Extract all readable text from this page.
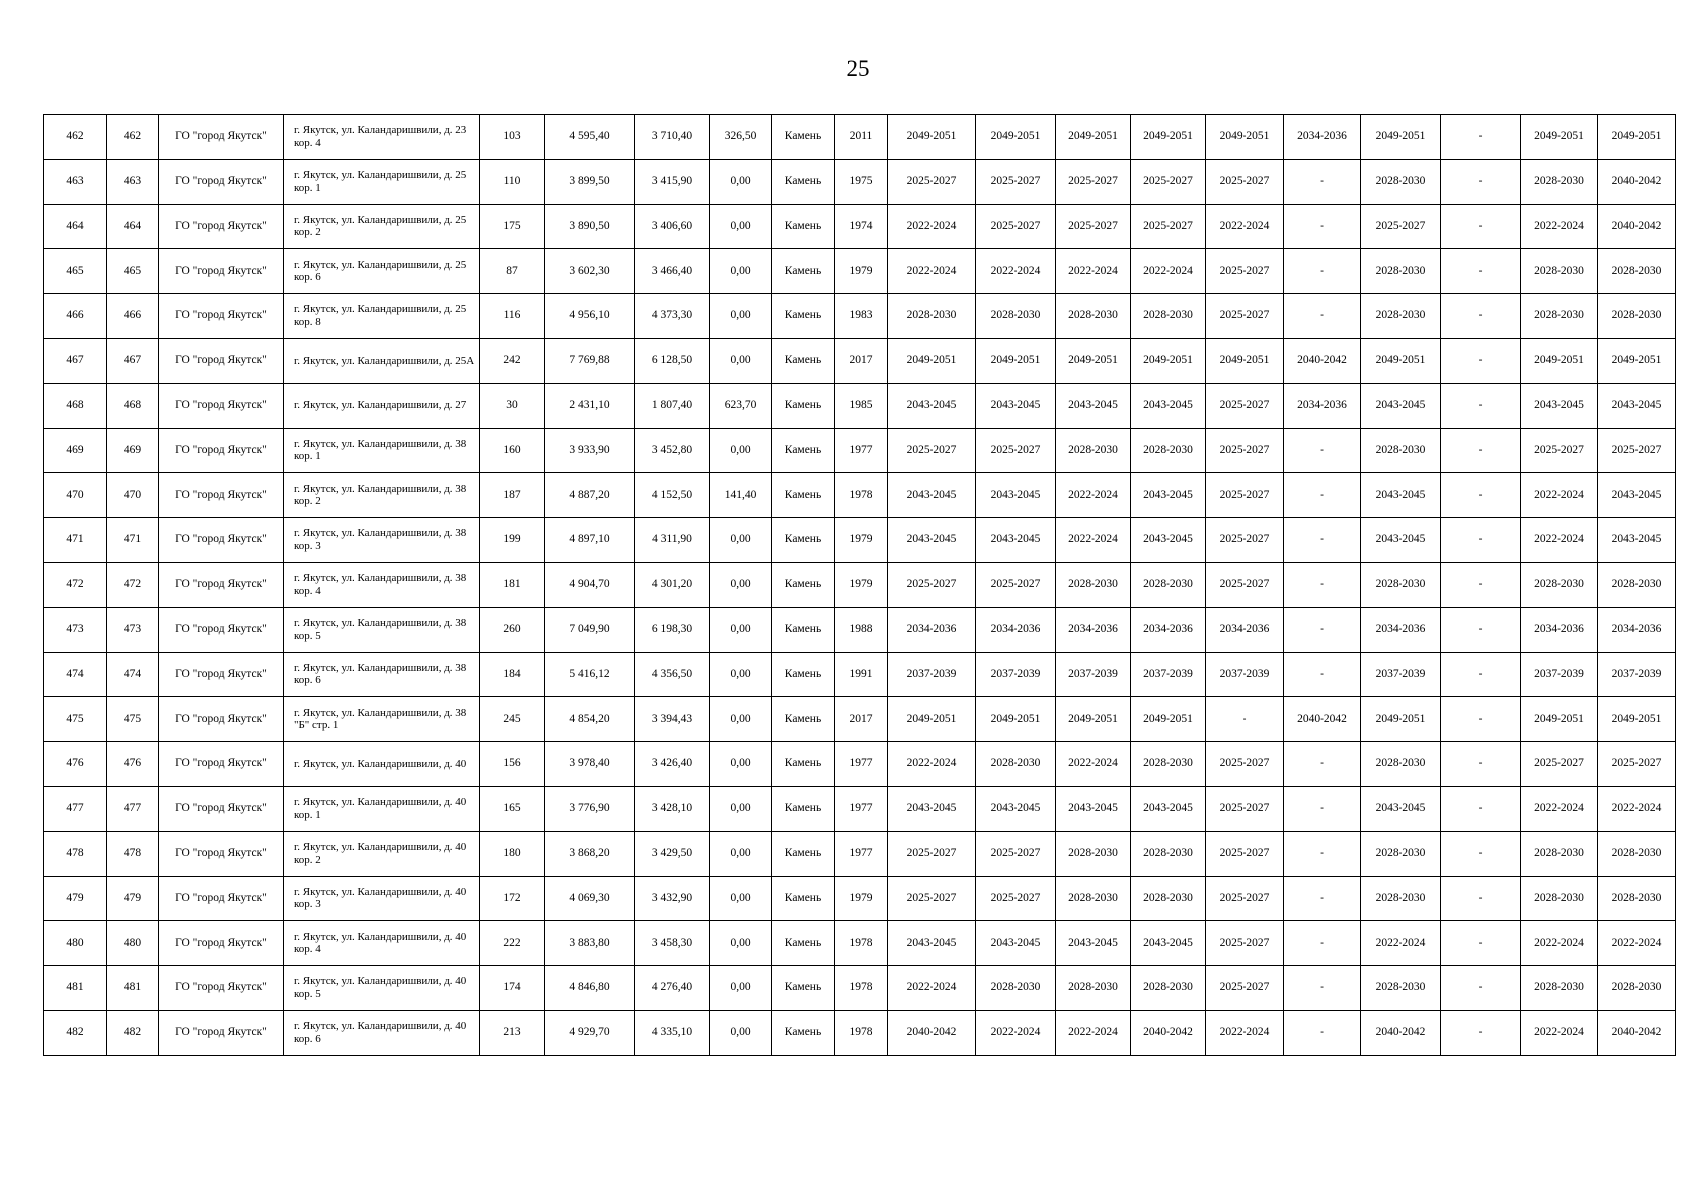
25
462	462	ГО "город Якутск"	г. Якутск, ул. Каландаришвили, д. 23 кор. 4	103	4 595,40	3 710,40	326,50	Камень	2011	2049-2051	2049-2051	2049-2051	2049-2051	2049-2051	2034-2036	2049-2051	-	2049-2051	2049-2051
463	463	ГО "город Якутск"	г. Якутск, ул. Каландаришвили, д. 25 кор. 1	110	3 899,50	3 415,90	0,00	Камень	1975	2025-2027	2025-2027	2025-2027	2025-2027	2025-2027	-	2028-2030	-	2028-2030	2040-2042
464	464	ГО "город Якутск"	г. Якутск, ул. Каландаришвили, д. 25 кор. 2	175	3 890,50	3 406,60	0,00	Камень	1974	2022-2024	2025-2027	2025-2027	2025-2027	2022-2024	-	2025-2027	-	2022-2024	2040-2042
465	465	ГО "город Якутск"	г. Якутск, ул. Каландаришвили, д. 25 кор. 6	87	3 602,30	3 466,40	0,00	Камень	1979	2022-2024	2022-2024	2022-2024	2022-2024	2025-2027	-	2028-2030	-	2028-2030	2028-2030
466	466	ГО "город Якутск"	г. Якутск, ул. Каландаришвили, д. 25 кор. 8	116	4 956,10	4 373,30	0,00	Камень	1983	2028-2030	2028-2030	2028-2030	2028-2030	2025-2027	-	2028-2030	-	2028-2030	2028-2030
467	467	ГО "город Якутск"	г. Якутск, ул. Каландаришвили, д. 25А	242	7 769,88	6 128,50	0,00	Камень	2017	2049-2051	2049-2051	2049-2051	2049-2051	2049-2051	2040-2042	2049-2051	-	2049-2051	2049-2051
468	468	ГО "город Якутск"	г. Якутск, ул. Каландаришвили, д. 27	30	2 431,10	1 807,40	623,70	Камень	1985	2043-2045	2043-2045	2043-2045	2043-2045	2025-2027	2034-2036	2043-2045	-	2043-2045	2043-2045
469	469	ГО "город Якутск"	г. Якутск, ул. Каландаришвили, д. 38 кор. 1	160	3 933,90	3 452,80	0,00	Камень	1977	2025-2027	2025-2027	2028-2030	2028-2030	2025-2027	-	2028-2030	-	2025-2027	2025-2027
470	470	ГО "город Якутск"	г. Якутск, ул. Каландаришвили, д. 38 кор. 2	187	4 887,20	4 152,50	141,40	Камень	1978	2043-2045	2043-2045	2022-2024	2043-2045	2025-2027	-	2043-2045	-	2022-2024	2043-2045
471	471	ГО "город Якутск"	г. Якутск, ул. Каландаришвили, д. 38 кор. 3	199	4 897,10	4 311,90	0,00	Камень	1979	2043-2045	2043-2045	2022-2024	2043-2045	2025-2027	-	2043-2045	-	2022-2024	2043-2045
472	472	ГО "город Якутск"	г. Якутск, ул. Каландаришвили, д. 38 кор. 4	181	4 904,70	4 301,20	0,00	Камень	1979	2025-2027	2025-2027	2028-2030	2028-2030	2025-2027	-	2028-2030	-	2028-2030	2028-2030
473	473	ГО "город Якутск"	г. Якутск, ул. Каландаришвили, д. 38 кор. 5	260	7 049,90	6 198,30	0,00	Камень	1988	2034-2036	2034-2036	2034-2036	2034-2036	2034-2036	-	2034-2036	-	2034-2036	2034-2036
474	474	ГО "город Якутск"	г. Якутск, ул. Каландаришвили, д. 38 кор. 6	184	5 416,12	4 356,50	0,00	Камень	1991	2037-2039	2037-2039	2037-2039	2037-2039	2037-2039	-	2037-2039	-	2037-2039	2037-2039
475	475	ГО "город Якутск"	г. Якутск, ул. Каландаришвили, д. 38 "Б" стр. 1	245	4 854,20	3 394,43	0,00	Камень	2017	2049-2051	2049-2051	2049-2051	2049-2051	-	2040-2042	2049-2051	-	2049-2051	2049-2051
476	476	ГО "город Якутск"	г. Якутск, ул. Каландаришвили, д. 40	156	3 978,40	3 426,40	0,00	Камень	1977	2022-2024	2028-2030	2022-2024	2028-2030	2025-2027	-	2028-2030	-	2025-2027	2025-2027
477	477	ГО "город Якутск"	г. Якутск, ул. Каландаришвили, д. 40 кор. 1	165	3 776,90	3 428,10	0,00	Камень	1977	2043-2045	2043-2045	2043-2045	2043-2045	2025-2027	-	2043-2045	-	2022-2024	2022-2024
478	478	ГО "город Якутск"	г. Якутск, ул. Каландаришвили, д. 40 кор. 2	180	3 868,20	3 429,50	0,00	Камень	1977	2025-2027	2025-2027	2028-2030	2028-2030	2025-2027	-	2028-2030	-	2028-2030	2028-2030
479	479	ГО "город Якутск"	г. Якутск, ул. Каландаришвили, д. 40 кор. 3	172	4 069,30	3 432,90	0,00	Камень	1979	2025-2027	2025-2027	2028-2030	2028-2030	2025-2027	-	2028-2030	-	2028-2030	2028-2030
480	480	ГО "город Якутск"	г. Якутск, ул. Каландаришвили, д. 40 кор. 4	222	3 883,80	3 458,30	0,00	Камень	1978	2043-2045	2043-2045	2043-2045	2043-2045	2025-2027	-	2022-2024	-	2022-2024	2022-2024
481	481	ГО "город Якутск"	г. Якутск, ул. Каландаришвили, д. 40 кор. 5	174	4 846,80	4 276,40	0,00	Камень	1978	2022-2024	2028-2030	2028-2030	2028-2030	2025-2027	-	2028-2030	-	2028-2030	2028-2030
482	482	ГО "город Якутск"	г. Якутск, ул. Каландаришвили, д. 40 кор. 6	213	4 929,70	4 335,10	0,00	Камень	1978	2040-2042	2022-2024	2022-2024	2040-2042	2022-2024	-	2040-2042	-	2022-2024	2040-2042
